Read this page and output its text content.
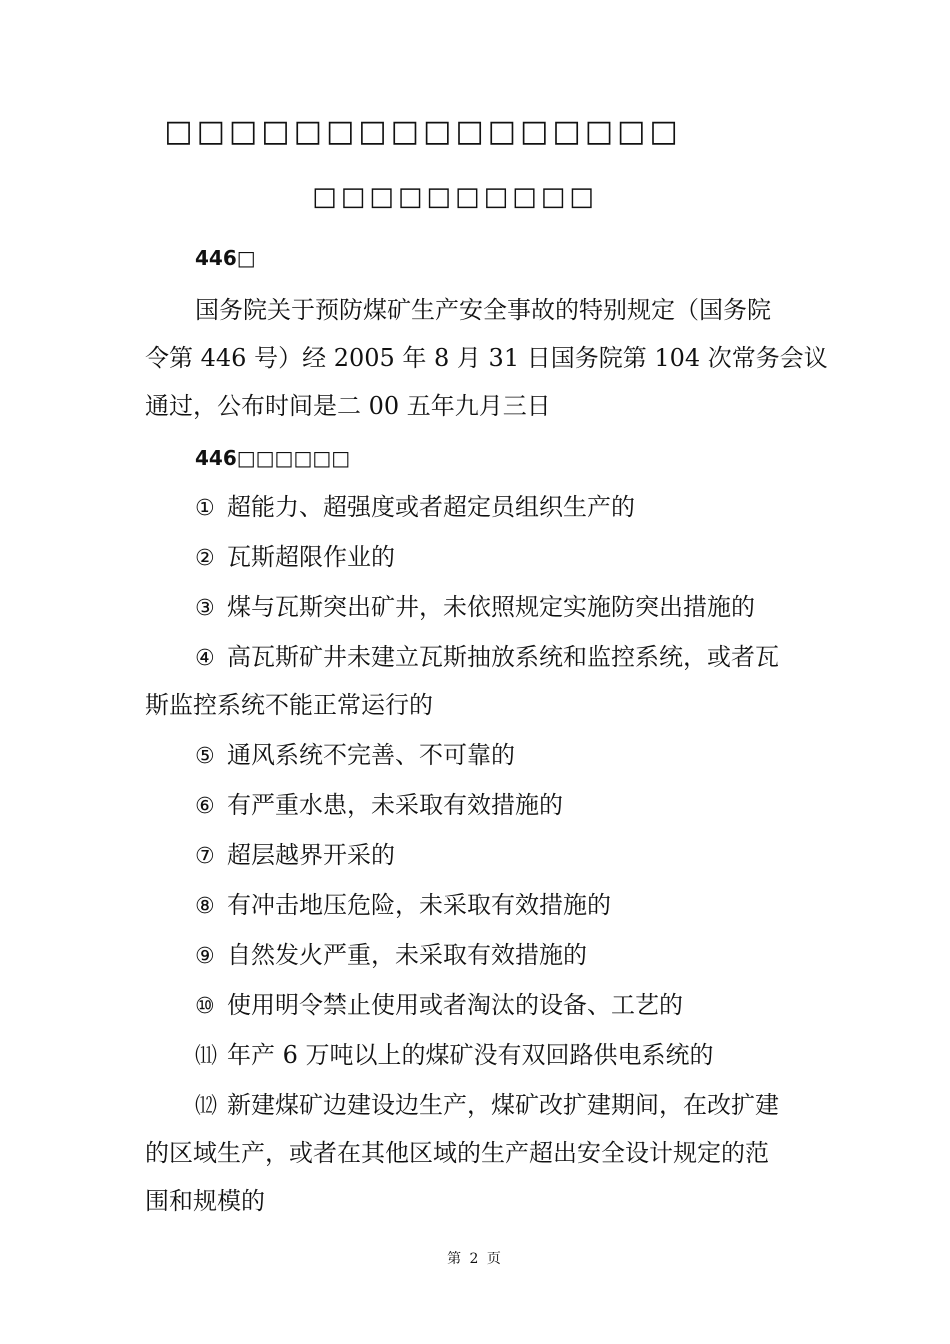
□□□□□□□□□□□□□□□□
□□□□□□□□□□
446□
国务院关于预防煤矿生产安全事故的特别规定（国务院
令第 446 号）经 2005 年 8 月 31 日国务院第 104 次常务会议
通过，公布时间是二 00 五年九月三日
446□□□□□□
① 超能力、超强度或者超定员组织生产的
② 瓦斯超限作业的
③ 煤与瓦斯突出矿井，未依照规定实施防突出措施的
④ 高瓦斯矿井未建立瓦斯抽放系统和监控系统，或者瓦
斯监控系统不能正常运行的
⑤ 通风系统不完善、不可靠的
⑥ 有严重水患，未采取有效措施的
⑦ 超层越界开采的
⑧ 有冲击地压危险，未采取有效措施的
⑨ 自然发火严重，未采取有效措施的
⑩ 使用明令禁止使用或者淘汰的设备、工艺的
⑾ 年产 6 万吨以上的煤矿没有双回路供电系统的
⑿ 新建煤矿边建设边生产，煤矿改扩建期间，在改扩建
的区域生产，或者在其他区域的生产超出安全设计规定的范
围和规模的
第 2 页
